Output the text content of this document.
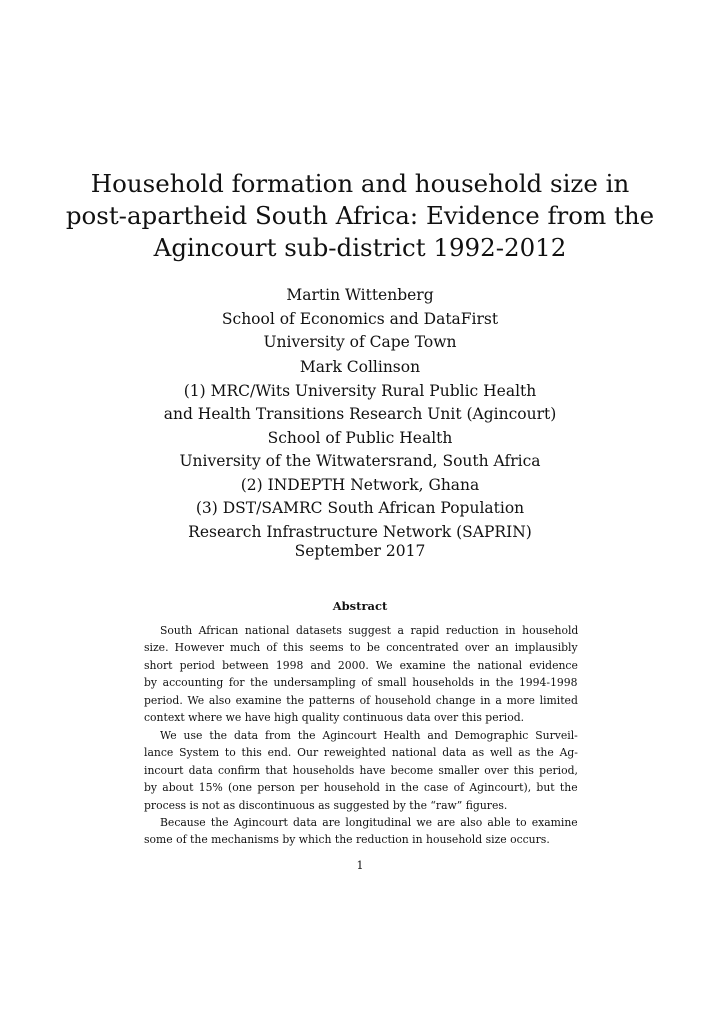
Household formation and household size in
post-apartheid South Africa: Evidence from the
Agincourt sub-district 1992-2012
Martin Wittenberg
School of Economics and DataFirst
University of Cape Town
Mark Collinson
(1) MRC/Wits University Rural Public Health
and Health Transitions Research Unit (Agincourt)
School of Public Health
University of the Witwatersrand, South Africa
(2) INDEPTH Network, Ghana
(3) DST/SAMRC South African Population
Research Infrastructure Network (SAPRIN)
September 2017
Abstract
South African national datasets suggest a rapid reduction in household
size. However much of this seems to be concentrated over an implausibly
short period between 1998 and 2000. We examine the national evidence
by accounting for the undersampling of small households in the 1994-1998
period. We also examine the patterns of household change in a more limited
context where we have high quality continuous data over this period.
We use the data from the Agincourt Health and Demographic Surveil-
lance System to this end. Our reweighted national data as well as the Ag-
incourt data confirm that households have become smaller over this period,
by about 15% (one person per household in the case of Agincourt), but the
process is not as discontinuous as suggested by the “raw” figures.
Because the Agincourt data are longitudinal we are also able to examine
some of the mechanisms by which the reduction in household size occurs.
1
